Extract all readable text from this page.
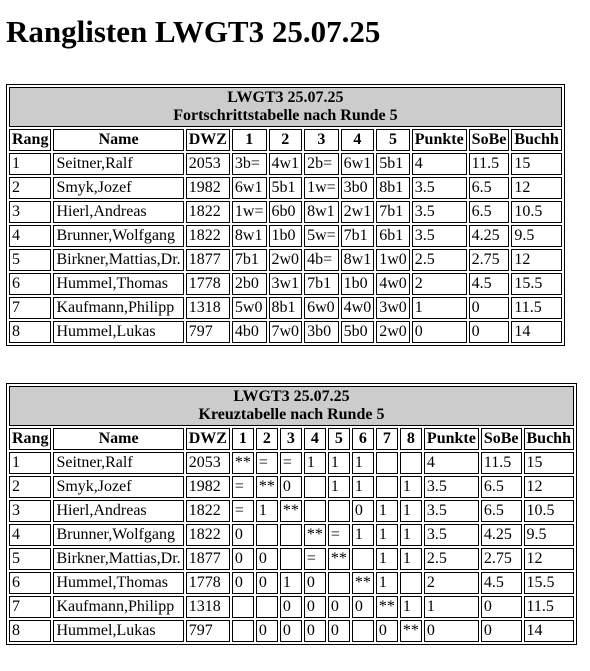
Ranglisten LWGT3 25.07.25
LWGT3 25.07.25
Fortschrittstabelle nach Runde 5										

Rang	Name	DWZ	1	2	3	4	5	Punkte	SoBe	Buchh
1	Seitner,Ralf	2053	3b=	4w1	2b=	6w1	5b1	4	11.5	15
2	Smyk,Jozef	1982	6w1	5b1	1w=	3b0	8b1	3.5	6.5	12
3	Hierl,Andreas	1822	1w=	6b0	8w1	2w1	7b1	3.5	6.5	10.5
4	Brunner,Wolfgang	1822	8w1	1b0	5w=	7b1	6b1	3.5	4.25	9.5
5	Birkner,Mattias,Dr.	1877	7b1	2w0	4b=	8w1	1w0	2.5	2.75	12
6	Hummel,Thomas	1778	2b0	3w1	7b1	1b0	4w0	2	4.5	15.5
7	Kaufmann,Philipp	1318	5w0	8b1	6w0	4w0	3w0	1	0	11.5
8	Hummel,Lukas	797	4b0	7w0	3b0	5b0	2w0	0	0	14
LWGT3 25.07.25
Kreuztabelle nach Runde 5													

Rang	Name	DWZ	1	2	3	4	5	6	7	8	Punkte	SoBe	Buchh
1	Seitner,Ralf	2053	**	=	=	1	1	1			4	11.5	15
2	Smyk,Jozef	1982	=	**	0		1	1		1	3.5	6.5	12
3	Hierl,Andreas	1822	=	1	**			0	1	1	3.5	6.5	10.5
4	Brunner,Wolfgang	1822	0			**	=	1	1	1	3.5	4.25	9.5
5	Birkner,Mattias,Dr.	1877	0	0		=	**		1	1	2.5	2.75	12
6	Hummel,Thomas	1778	0	0	1	0		**	1		2	4.5	15.5
7	Kaufmann,Philipp	1318			0	0	0	0	**	1	1	0	11.5
8	Hummel,Lukas	797		0	0	0	0		0	**	0	0	14
